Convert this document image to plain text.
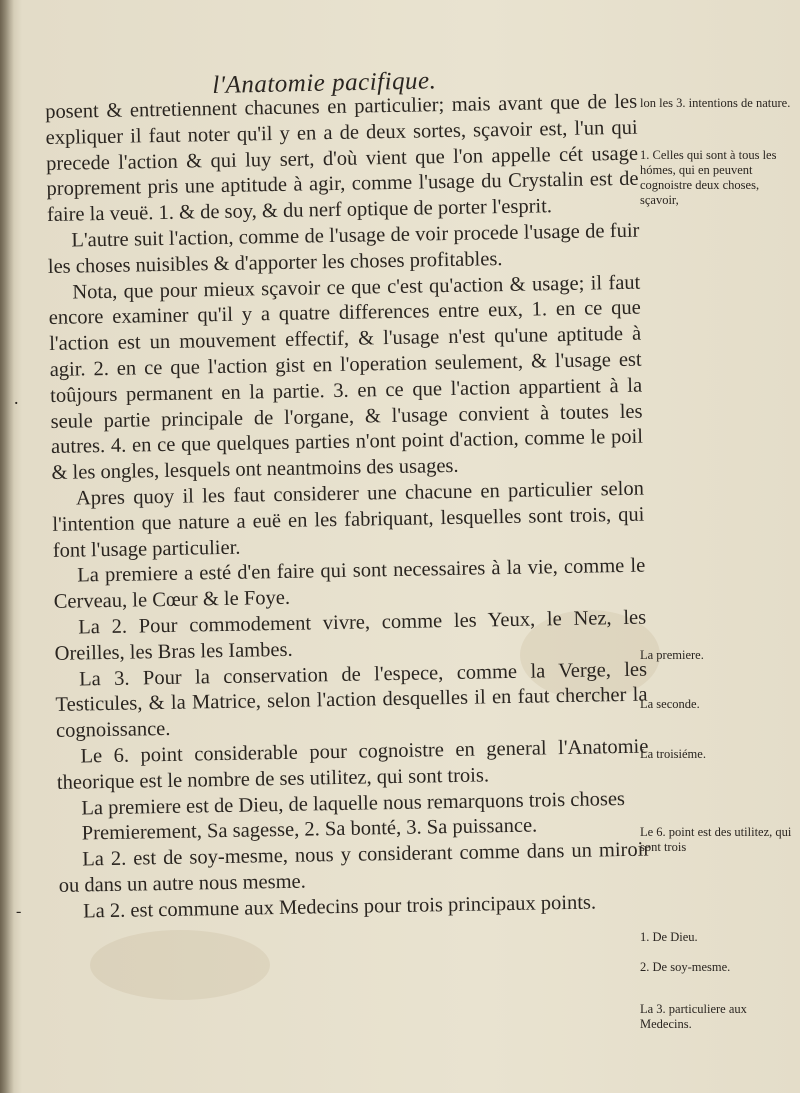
l'Anatomie pacifique.
.
-

posent & entretiennent chacunes en particulier; mais avant que de les expliquer il faut noter qu'il y en a de deux sortes, sçavoir est, l'un qui precede l'action & qui luy sert, d'où vient que l'on appelle cét usage proprement pris une aptitude à agir, comme l'usage du Crystalin est de faire la veuë. 1. & de soy, & du nerf optique de porter l'esprit.

L'autre suit l'action, comme de l'usage de voir procede l'usage de fuir les choses nuisibles & d'apporter les choses profitables.

Nota, que pour mieux sçavoir ce que c'est qu'action & usage; il faut encore examiner qu'il y a quatre differences entre eux, 1. en ce que l'action est un mouvement effectif, & l'usage n'est qu'une aptitude à agir. 2. en ce que l'action gist en l'operation seulement, & l'usage est toûjours permanent en la partie. 3. en ce que l'action appartient à la seule partie principale de l'organe, & l'usage convient à toutes les autres. 4. en ce que quelques parties n'ont point d'action, comme le poil & les ongles, lesquels ont neantmoins des usages.

Apres quoy il les faut considerer une chacune en particulier selon l'intention que nature a euë en les fabriquant, lesquelles sont trois, qui font l'usage particulier.

La premiere a esté d'en faire qui sont necessaires à la vie, comme le Cerveau, le Cœur & le Foye.

La 2. Pour commodement vivre, comme les Yeux, le Nez, les Oreilles, les Bras les Iambes.

La 3. Pour la conservation de l'espece, comme la Verge, les Testicules, & la Matrice, selon l'action desquelles il en faut chercher la cognoissance.

Le 6. point considerable pour cognoistre en general l'Anatomie theorique est le nombre de ses utilitez, qui sont trois.

La premiere est de Dieu, de laquelle nous remarquons trois choses

Premierement, Sa sagesse, 2. Sa bonté, 3. Sa puissance.

La 2. est de soy-mesme, nous y considerant comme dans un miroir ou dans un autre nous mesme.

La 2. est commune aux Medecins pour trois principaux points.

lon les 3. intentions de nature.
1. Celles qui sont à tous les hómes, qui en peuvent cognoistre deux choses, sçavoir,
La premiere.
La seconde.
La troisiéme.
Le 6. point est des utilitez, qui sont trois
1. De Dieu.
2. De soy-mesme.
La 3. particuliere aux Medecins.
